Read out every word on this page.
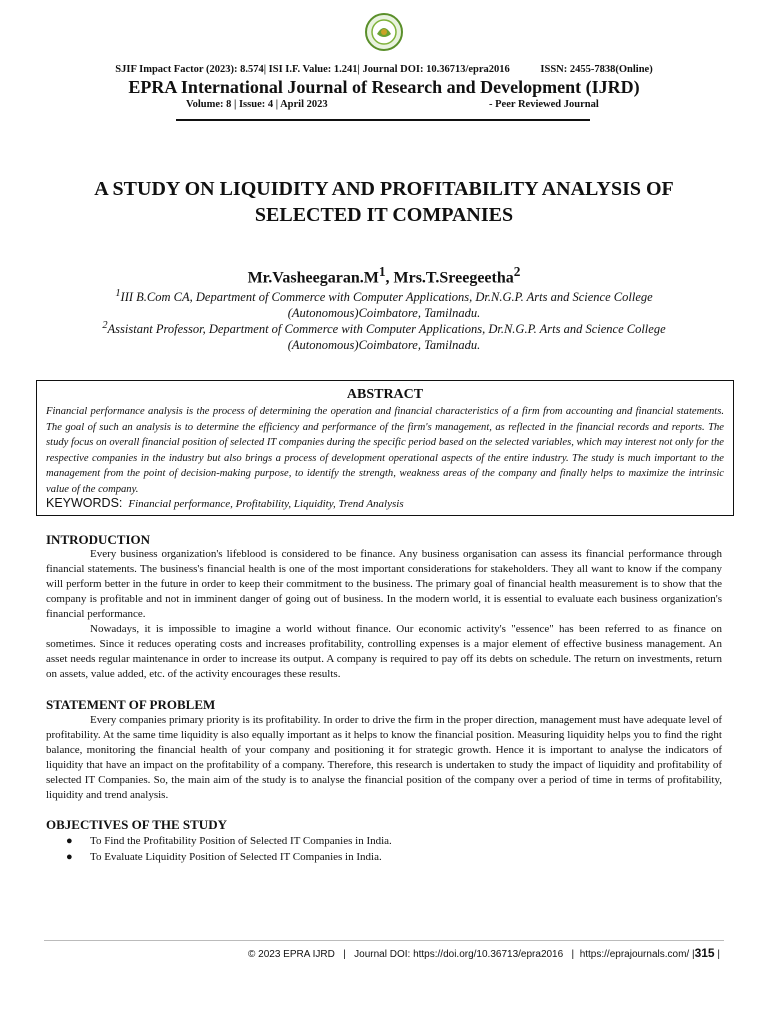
SJIF Impact Factor (2023): 8.574| ISI I.F. Value: 1.241| Journal DOI: 10.36713/epra2016	ISSN: 2455-7838(Online)
EPRA International Journal of Research and Development (IJRD)
Volume: 8 | Issue: 4 | April 2023	- Peer Reviewed Journal
A STUDY ON LIQUIDITY AND PROFITABILITY ANALYSIS OF SELECTED IT COMPANIES
$Mr.Vasheegaran.M^1$, Mrs.T.Sreegeetha$^2$
$^1$III B.Com CA, Department of Commerce with Computer Applications, Dr.N.G.P. Arts and Science College (Autonomous)Coimbatore, Tamilnadu.
$^2$Assistant Professor, Department of Commerce with Computer Applications, Dr.N.G.P. Arts and Science College (Autonomous)Coimbatore, Tamilnadu.
ABSTRACT
Financial performance analysis is the process of determining the operation and financial characteristics of a firm from accounting and financial statements. The goal of such an analysis is to determine the efficiency and performance of the firm's management, as reflected in the financial records and reports. The study focus on overall financial position of selected IT companies during the specific period based on the selected variables, which may interest not only for the respective companies in the industry but also brings a process of development operational aspects of the entire industry. The study is much important to the management from the point of decision-making purpose, to identify the strength, weakness areas of the company and finally helps to maximize the intrinsic value of the company.
KEYWORDS: Financial performance, Profitability, Liquidity, Trend Analysis
INTRODUCTION

Every business organization's lifeblood is considered to be finance. Any business organisation can assess its financial performance through financial statements. The business's financial health is one of the most important considerations for stakeholders. They all want to know if the company will perform better in the future in order to keep their commitment to the business. The primary goal of financial health measurement is to show that the company is profitable and not in imminent danger of going out of business. In the modern world, it is essential to evaluate each business organization's financial performance.

Nowadays, it is impossible to imagine a world without finance. Our economic activity's "essence" has been referred to as finance on sometimes. Since it reduces operating costs and increases profitability, controlling expenses is a major element of effective business management. An asset needs regular maintenance in order to increase its output. A company is required to pay off its debts on schedule. The return on investments, return on assets, value added, etc. of the activity encourages these results.

STATEMENT OF PROBLEM

Every companies primary priority is its profitability. In order to drive the firm in the proper direction, management must have adequate level of profitability. At the same time liquidity is also equally important as it helps to know the financial position. Measuring liquidity helps you to find the right balance, monitoring the financial health of your company and positioning it for strategic growth. Hence it is important to analyse the indicators of liquidity that have an impact on the profitability of a company. Therefore, this research is undertaken to study the impact of liquidity and profitability of selected IT Companies. So, the main aim of the study is to analyse the financial position of the company over a period of time in terms of profitability, liquidity and trend analysis.

OBJECTIVES OF THE STUDY
● To Find the Profitability Position of Selected IT Companies in India.
● To Evaluate Liquidity Position of Selected IT Companies in India.
© 2023 EPRA IJRD   |   Journal DOI: https://doi.org/10.36713/epra2016   |  https://eprajournals.com/ |315 |
